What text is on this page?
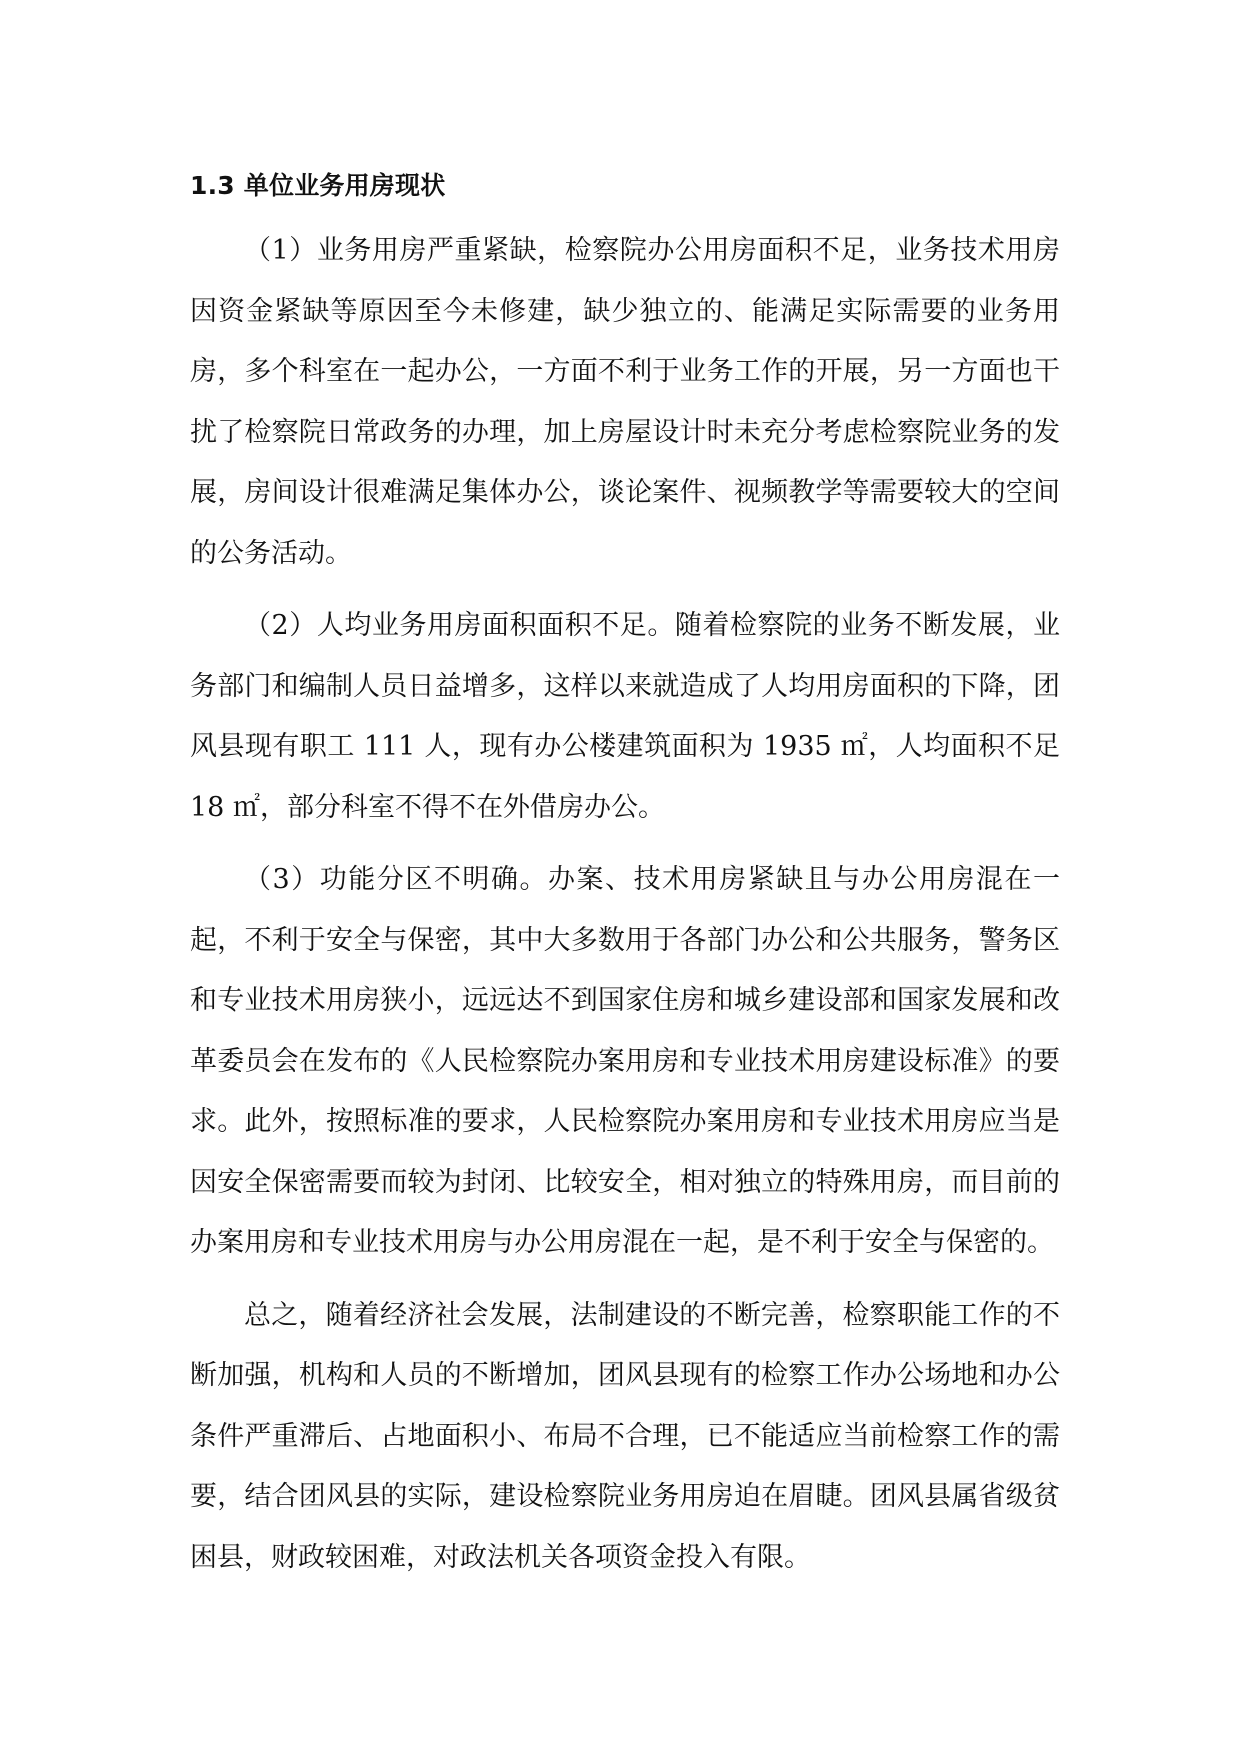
1.3 单位业务用房现状

（1）业务用房严重紧缺，检察院办公用房面积不足，业务技术用房因资金紧缺等原因至今未修建，缺少独立的、能满足实际需要的业务用房，多个科室在一起办公，一方面不利于业务工作的开展，另一方面也干扰了检察院日常政务的办理，加上房屋设计时未充分考虑检察院业务的发展，房间设计很难满足集体办公，谈论案件、视频教学等需要较大的空间的公务活动。

（2）人均业务用房面积面积不足。随着检察院的业务不断发展，业务部门和编制人员日益增多，这样以来就造成了人均用房面积的下降，团风县现有职工 111 人，现有办公楼建筑面积为 1935 ㎡，人均面积不足 18 ㎡，部分科室不得不在外借房办公。

（3）功能分区不明确。办案、技术用房紧缺且与办公用房混在一起，不利于安全与保密，其中大多数用于各部门办公和公共服务，警务区和专业技术用房狭小，远远达不到国家住房和城乡建设部和国家发展和改革委员会在发布的《人民检察院办案用房和专业技术用房建设标准》的要求。此外，按照标准的要求，人民检察院办案用房和专业技术用房应当是因安全保密需要而较为封闭、比较安全，相对独立的特殊用房，而目前的办案用房和专业技术用房与办公用房混在一起，是不利于安全与保密的。

总之，随着经济社会发展，法制建设的不断完善，检察职能工作的不断加强，机构和人员的不断增加，团风县现有的检察工作办公场地和办公条件严重滞后、占地面积小、布局不合理，已不能适应当前检察工作的需要，结合团风县的实际，建设检察院业务用房迫在眉睫。团风县属省级贫困县，财政较困难，对政法机关各项资金投入有限。
